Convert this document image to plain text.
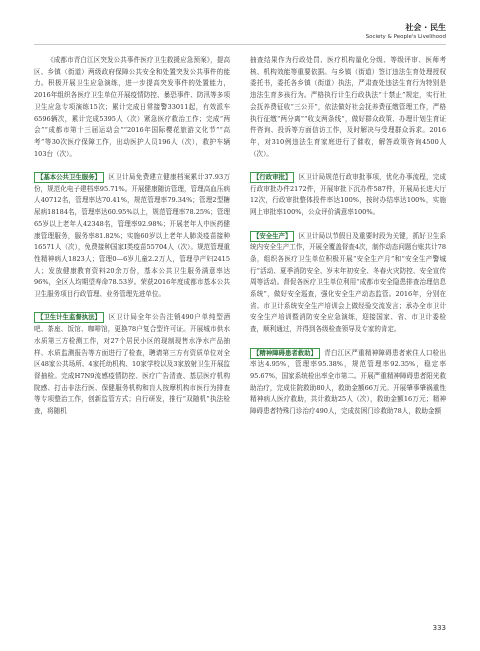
社会 · 民生
Society & People's Livelihood

《成都市青白江区突发公共事件医疗卫生救援应急预案》，提高区、乡镇（街道）两级政府保障公共安全和处置突发公共事件的能力。积极开展卫生应急演练，进一步提高突发事件的处置能力，2016年组织各医疗卫生单位开展疫情防控、暴恐事件、防汛等多项卫生应急专项演练15次；累计完成日常接警33011起，有效派车6596辆次，累计完成5395人（次）紧急医疗救治工作；完成“两会”“成都市第十三届运动会”“2016年国际樱花旅游文化节”“高考”等30次医疗保障工作，出动医护人员196人（次），救护车辆103台（次）。

【基本公共卫生服务】 区卫计局免费建立健康档案累计37.93万份，规范化电子建档率95.71%。开展健康随访管理，管理高血压病人40712名，管理率达70.41%，规范管理率79.34%；管理2型糖尿病18184名，管理率达60.95%以上，规范管理率78.25%；管理65岁以上老年人42348名，管理率92.98%；开展老年人中医药健康管理服务，服务率81.82%；实施60岁以上老年人肺炎疫苗接种16571人（次），免费接种国家Ⅰ类疫苗55704人（次）。规范管理重性精神病人1823人；管理0—6岁儿童2.2万人，管理孕产妇2415人；发放健康教育资料20余万份，基本公共卫生服务满意率达96%，全区人均期望寿命78.53岁。荣获2016年度成都市基本公共卫生服务项目行政管理、业务管理先进单位。

【卫生计生监督执法】 区卫计局全年公告注销490户单纯型酒吧、茶座、饭馆、咖啡馆，更换78户复合型许可证。开展城市供水水质第三方检测工作，对27个居民小区的现制现售水净水产品抽样、水质监测报告等方面进行了检查，聘请第三方有资质单位对全区48家公共场所、4家托幼机构、10家学校以及3家放射卫生开展监督抽检。完成H7N9流感疫情防控、医疗广告清查、基层医疗机构院感、打击非法行医、保健服务机构和盲人按摩机构市医行为排查等专项整治工作，创新监管方式；自行研发，推行“双随机”执法检查，将随机

抽查结果作为行政处罚、医疗机构量化分级、等级评审、医师考核、机构效能等重要依据。与乡镇（街道）签订违法生育处理授权委托书，委托各乡镇（街道）执法，严肃查处违法生育行为特别是违法生育多孩行为。严格执行计生行政执法“十禁止”规定，实行社会抚养费征收“三公开”，依法做好社会抚养费征缴管理工作，严格执行征缴“两分离”“收支两条线”，做好群众政策、办理计划生育证件咨询、投诉等方面信访工作，及时解决与受理群众诉求。2016年，对310例违法生育家庭进行了催收，解答政策咨询4500人（次）。

【行政审批】 区卫计局规范行政审批事项，优化办事流程，完成行政审批办件2172件，开展审批下沉办件587件，开展局长进大厅12次，行政审批整体投件率达100%，按时办结率达100%，实施网上审批率100%，公众评价满意率100%。

【安全生产】 区卫计局以节假日及重要时段为关键，抓好卫生系统内安全生产工作，开展全覆盖督查4次，制作动态问题台账共计78条，组织各医疗卫生单位积极开展“安全生产月”和“安全生产警城行”活动、夏季消防安全、岁末年初安全、冬春火灾防控、安全宣传周等活动。督促各医疗卫生单位利用“成都市安全隐患排查治理信息系统”，做好安全巡查，强化安全生产动态监管。2016年，分别在省、市卫计系统安全生产培训会上做经验交流发言；承办全市卫计安全生产培训暨消防安全应急演练，迎接国家、省、市卫计委检查，顺利通过，并得到各级检查领导及专家的肯定。

【精神障碍患者救助】 青白江区严重精神障碍患者索住人口检出率达4.95%，管理率95.38%，规范管理率92.35%，稳定率95.67%，国家系统检出率全市第二。开展严重精神障碍患者阳光救助治疗，完成住院救助80人，救助金额66万元。开展肇事肇祸重性精神病人医疗救助，共计救助25人（次），救助金额16万元；精神障碍患者特殊门诊治疗490人，完成贫困门诊救助78人，救助金额

333
